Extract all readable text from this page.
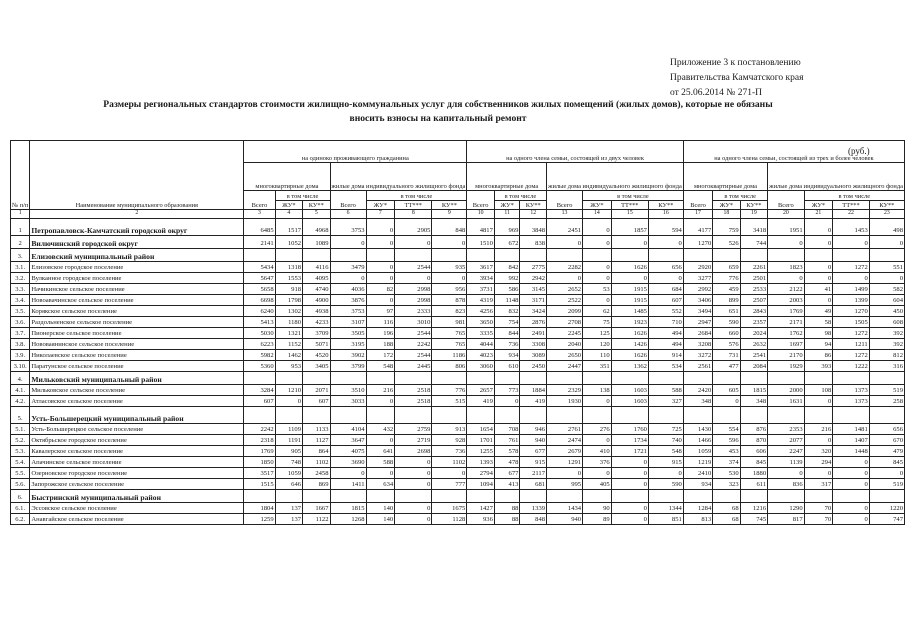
Приложение 3 к постановлению
Правительства Камчатского края
от 25.06.2014 № 271-П
Размеры региональных стандартов стоимости жилищно-коммунальных услуг для собственников жилых помещений (жилых домов), которые не обязаны
вносить взносы на капитальный ремонт
(руб.)
№ п/п	Наименование муниципального образования	на одиноко проживающего гражданина							на одного члена семьи, состоящей из двух человек							на одного члена семьи, состоящей из трех и более человек						
		многоквартирные дома			жилые дома индивидуального жилищного фонда				многоквартирные дома			жилые дома индивидуального жилищного фонда				многоквартирные дома			жилые дома индивидуального жилищного фонда			
		Всего	в том числе		Всего	в том числе			Всего	в том числе		Всего	в том числе			Всего	в том числе		Всего	в том числе		
			ЖУ*	КУ**		ЖУ*	ТТ***	КУ**		ЖУ*	КУ**		ЖУ*	ТТ***	КУ**		ЖУ*	КУ**		ЖУ*	ТТ***	КУ**
1	2	3	4	5	6	7	8	9	10	11	12	13	14	15	16	17	18	19	20	21	22	23
1	Петропавловск-Камчатский городской округ	6485	1517	4968	3753	0	2905	848	4817	969	3848	2451	0	1857	594	4177	759	3418	1951	0	1453	498
2	Вилючинский городской округ	2141	1052	1089	0	0	0	0	1510	672	838	0	0	0	0	1270	526	744	0	0	0	0
3.	Елизовский муниципальный район																					
3.1.	Елизовское городское поселение	5434	1318	4116	3479	0	2544	935	3617	842	2775	2282	0	1626	656	2920	659	2261	1823	0	1272	551
3.2.	Вулканное городское поселение	5647	1553	4095	0	0	0	0	3934	992	2942	0	0	0	0	3277	776	2501	0	0	0	0
3.3.	Начикинское сельское поселение	5658	918	4740	4036	82	2998	956	3731	586	3145	2652	53	1915	684	2992	459	2533	2122	41	1499	582
3.4.	Новоавачинское сельское поселение	6698	1798	4900	3876	0	2998	878	4319	1148	3171	2522	0	1915	607	3406	899	2507	2003	0	1399	604
3.5.	Корякское сельское поселение	6240	1302	4938	3753	97	2333	823	4256	832	3424	2099	62	1485	552	3494	651	2843	1769	49	1270	450
3.6.	Раздольненское сельское поселение	5413	1180	4233	3107	116	3010	981	3650	754	2876	2708	75	1923	710	2947	590	2357	2171	58	1505	608
3.7.	Пионерское сельское поселение	5030	1321	3709	3505	196	2544	765	3335	844	2491	2245	125	1626	494	2684	660	2024	1762	98	1272	392
3.8.	Нововаянинское сельское поселение	6223	1152	5071	3195	188	2242	765	4044	736	3308	2040	120	1426	494	3208	576	2632	1697	94	1211	392
3.9.	Николаевское сельское поселение	5982	1462	4520	3902	172	2544	1186	4023	934	3089	2650	110	1626	914	3272	731	2541	2170	86	1272	812
3.10.	Паратунское сельское поселение	5360	953	3405	3799	548	2445	806	3060	610	2450	2447	351	1362	534	2561	477	2084	1929	393	1222	316
4.	Мильковский муниципальный район																					
4.1.	Мильковское сельское поселение	3284	1210	2071	3510	216	2518	776	2657	773	1884	2329	138	1603	588	2420	605	1815	2000	108	1373	519
4.2.	Атласовское сельское поселение	607	0	607	3033	0	2518	515	419	0	419	1930	0	1603	327	348	0	348	1631	0	1373	258
5.	Усть-Большерецкий муниципальный район																					
5.1.	Усть-Большерецкое сельское поселение	2242	1109	1133	4104	432	2759	913	1654	708	946	2761	276	1760	725	1430	554	876	2353	216	1481	656
5.2.	Октябрьское городское поселение	2318	1191	1127	3647	0	2719	928	1701	761	940	2474	0	1734	740	1466	596	870	2077	0	1407	670
5.3.	Кавалерское сельское поселение	1769	905	864	4075	641	2698	736	1255	578	677	2679	410	1721	548	1059	453	606	2247	320	1448	479
5.4.	Апачинское сельское поселение	1850	748	1102	3690	588	0	1102	1393	478	915	1291	376	0	915	1219	374	845	1139	294	0	845
5.5.	Озерновское городское поселение	3517	1059	2458	0	0	0	0	2794	677	2117	0	0	0	0	2410	530	1880	0	0	0	0
5.6.	Запорожское сельское поселение	1515	646	869	1411	634	0	777	1094	413	681	995	405	0	590	934	323	611	836	317	0	519
6.	Быстринский муниципальный район																					
6.1.	Эссовское сельское поселение	1804	137	1667	1815	140	0	1675	1427	88	1339	1434	90	0	1344	1284	68	1216	1290	70	0	1220
6.2.	Анавгайское сельское поселение	1259	137	1122	1268	140	0	1128	936	88	848	940	89	0	851	813	68	745	817	70	0	747
